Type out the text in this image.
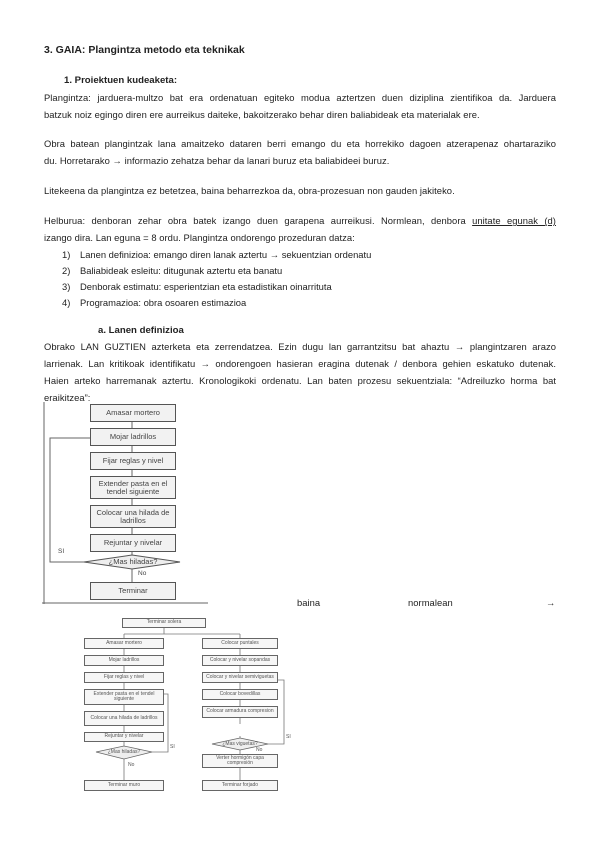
3. GAIA: Plangintza metodo eta teknikak
1. Proiektuen kudeaketa:
Plangintza: jarduera-multzo bat era ordenatuan egiteko modua aztertzen duen diziplina zientifikoa da. Jarduera
batzuk noiz egingo diren ere aurreikus daiteke, bakoitzerako behar diren baliabideak eta materialak ere.
Obra batean plangintzak lana amaitzeko dataren berri emango du eta horrekiko dagoen atzerapenaz ohartaraziko
du. Horretarako → informazio zehatza behar da lanari buruz eta baliabideei buruz.
Litekeena da plangintza ez betetzea, baina beharrezkoa da, obra-prozesuan non gauden jakiteko.
Helburua: denboran zehar obra batek izango duen garapena aurreikusi. Normlean, denbora unitate egunak (d)
izango dira. Lan eguna = 8 ordu. Plangintza ondorengo prozeduran datza:
1) Lanen definizioa: emango diren lanak aztertu → sekuentzian ordenatu
2) Baliabideak esleitu: ditugunak aztertu eta banatu
3) Denborak estimatu: esperientzian eta estadistikan oinarrituta
4) Programazioa: obra osoaren estimazioa
a. Lanen definizioa
Obrako LAN GUZTIEN azterketa eta zerrendatzea. Ezin dugu lan garrantzitsu bat ahaztu → plangintzaren arazo
larrienak. Lan kritikoak identifikatu → ondorengoen hasieran eragina dutenak / denbora gehien eskatuko dutenak.
Haien arteko harremanak aztertu. Kronologikoki ordenatu. Lan baten prozesu sekuentziala: “Adreiluzko horma bat
eraikitzea”:
Amasar mortero
Mojar ladrillos
Fijar reglas y nivel
Extender pasta en el tendel siguiente
Colocar una hilada de ladrillos
Rejuntar y nivelar
¿Mas hiladas?
SI
No
Terminar
baina	normalean	→
Terminar solera
Amasar mortero
Mojar ladrillos
Fijar reglas y nivel
Extender pasta en el tendel siguiente
Colocar una hilada de ladrillos
Rejuntar y nivelar
¿Mas hiladas?
SI
No
Terminar muro
Colocar puntales
Colocar y nivelar sopandas
Colocar y nivelar semiviguetas
Colocar bovedillas
Colocar armadura compresion
¿Mas viguetas?
SI
No
Verter hormigón capa compresión
Terminar forjado
